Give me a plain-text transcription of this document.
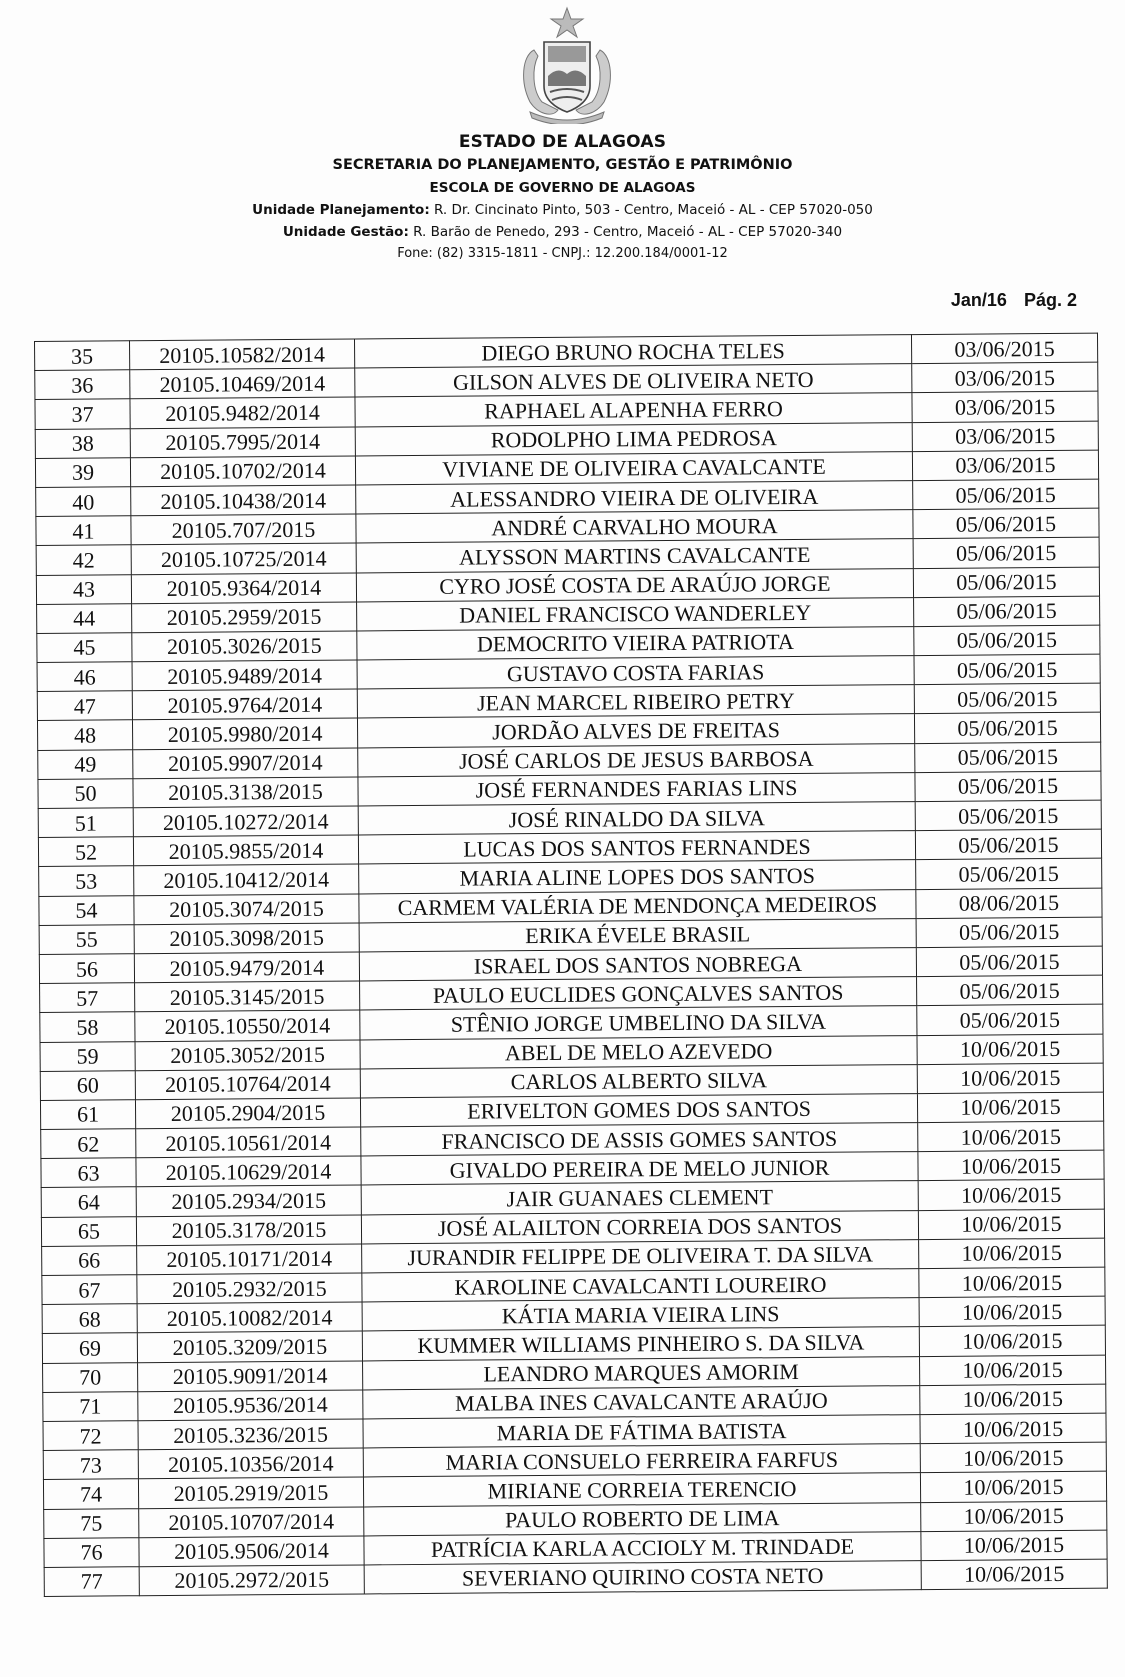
ESTADO DE ALAGOAS
SECRETARIA DO PLANEJAMENTO, GESTÃO E PATRIMÔNIO
ESCOLA DE GOVERNO DE ALAGOAS
Unidade Planejamento: R. Dr. Cincinato Pinto, 503 - Centro, Maceió - AL - CEP 57020-050
Unidade Gestão: R. Barão de Penedo, 293 - Centro, Maceió - AL - CEP 57020-340
Fone: (82) 3315-1811 - CNPJ.: 12.200.184/0001-12
Jan/16 Pág. 2
35	20105.10582/2014	DIEGO BRUNO ROCHA TELES	03/06/2015
36	20105.10469/2014	GILSON ALVES DE OLIVEIRA NETO	03/06/2015
37	20105.9482/2014	RAPHAEL ALAPENHA FERRO	03/06/2015
38	20105.7995/2014	RODOLPHO LIMA PEDROSA	03/06/2015
39	20105.10702/2014	VIVIANE DE OLIVEIRA CAVALCANTE	03/06/2015
40	20105.10438/2014	ALESSANDRO VIEIRA DE OLIVEIRA	05/06/2015
41	20105.707/2015	ANDRÉ CARVALHO MOURA	05/06/2015
42	20105.10725/2014	ALYSSON MARTINS CAVALCANTE	05/06/2015
43	20105.9364/2014	CYRO JOSÉ COSTA DE ARAÚJO JORGE	05/06/2015
44	20105.2959/2015	DANIEL FRANCISCO WANDERLEY	05/06/2015
45	20105.3026/2015	DEMOCRITO VIEIRA PATRIOTA	05/06/2015
46	20105.9489/2014	GUSTAVO COSTA FARIAS	05/06/2015
47	20105.9764/2014	JEAN MARCEL RIBEIRO PETRY	05/06/2015
48	20105.9980/2014	JORDÃO ALVES DE FREITAS	05/06/2015
49	20105.9907/2014	JOSÉ CARLOS DE JESUS BARBOSA	05/06/2015
50	20105.3138/2015	JOSÉ FERNANDES FARIAS LINS	05/06/2015
51	20105.10272/2014	JOSÉ RINALDO DA SILVA	05/06/2015
52	20105.9855/2014	LUCAS DOS SANTOS FERNANDES	05/06/2015
53	20105.10412/2014	MARIA ALINE LOPES DOS SANTOS	05/06/2015
54	20105.3074/2015	CARMEM VALÉRIA DE MENDONÇA MEDEIROS	08/06/2015
55	20105.3098/2015	ERIKA ÉVELE BRASIL	05/06/2015
56	20105.9479/2014	ISRAEL DOS SANTOS NOBREGA	05/06/2015
57	20105.3145/2015	PAULO EUCLIDES GONÇALVES SANTOS	05/06/2015
58	20105.10550/2014	STÊNIO JORGE UMBELINO DA SILVA	05/06/2015
59	20105.3052/2015	ABEL DE MELO AZEVEDO	10/06/2015
60	20105.10764/2014	CARLOS ALBERTO SILVA	10/06/2015
61	20105.2904/2015	ERIVELTON GOMES DOS SANTOS	10/06/2015
62	20105.10561/2014	FRANCISCO DE ASSIS GOMES SANTOS	10/06/2015
63	20105.10629/2014	GIVALDO PEREIRA DE MELO JUNIOR	10/06/2015
64	20105.2934/2015	JAIR GUANAES CLEMENT	10/06/2015
65	20105.3178/2015	JOSÉ ALAILTON CORREIA DOS SANTOS	10/06/2015
66	20105.10171/2014	JURANDIR FELIPPE DE OLIVEIRA T. DA SILVA	10/06/2015
67	20105.2932/2015	KAROLINE CAVALCANTI LOUREIRO	10/06/2015
68	20105.10082/2014	KÁTIA MARIA VIEIRA LINS	10/06/2015
69	20105.3209/2015	KUMMER WILLIAMS PINHEIRO S. DA SILVA	10/06/2015
70	20105.9091/2014	LEANDRO MARQUES AMORIM	10/06/2015
71	20105.9536/2014	MALBA INES CAVALCANTE ARAÚJO	10/06/2015
72	20105.3236/2015	MARIA DE FÁTIMA BATISTA	10/06/2015
73	20105.10356/2014	MARIA CONSUELO FERREIRA FARFUS	10/06/2015
74	20105.2919/2015	MIRIANE CORREIA TERENCIO	10/06/2015
75	20105.10707/2014	PAULO ROBERTO DE LIMA	10/06/2015
76	20105.9506/2014	PATRÍCIA KARLA ACCIOLY M. TRINDADE	10/06/2015
77	20105.2972/2015	SEVERIANO QUIRINO COSTA NETO	10/06/2015
